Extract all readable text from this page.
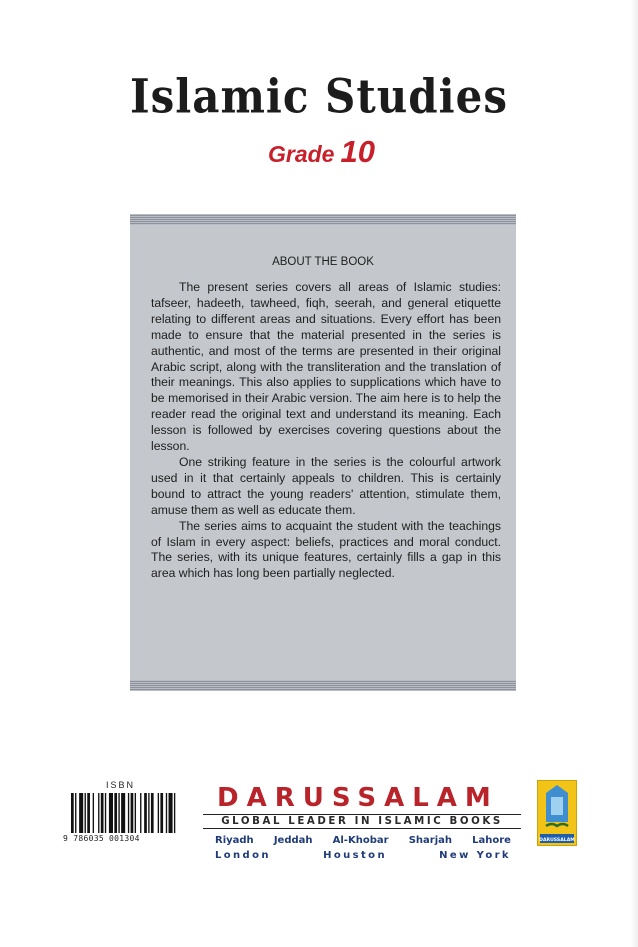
Islamic Studies
Grade 10
ABOUT THE BOOK

The present series covers all areas of Islamic studies: tafseer, hadeeth, tawheed, fiqh, seerah, and general etiquette relating to different areas and situations. Every effort has been made to ensure that the material presented in the series is authentic, and most of the terms are presented in their original Arabic script, along with the transliteration and the translation of their meanings. This also applies to supplications which have to be memorised in their Arabic version. The aim here is to help the reader read the original text and understand its meaning. Each lesson is followed by exercises covering questions about the lesson.

One striking feature in the series is the colourful artwork used in it that certainly appeals to children. This is certainly bound to attract the young readers' attention, stimulate them, amuse them as well as educate them.

The series aims to acquaint the student with the teachings of Islam in every aspect: beliefs, practices and moral conduct. The series, with its unique features, certainly fills a gap in this area which has long been partially neglected.

ISBN
9 786035 001304
DARUSSALAM
GLOBAL LEADER IN ISLAMIC BOOKS
Riyadh Jeddah Al-Khobar Sharjah Lahore
London	Houston	New York
DARUSSALAM
